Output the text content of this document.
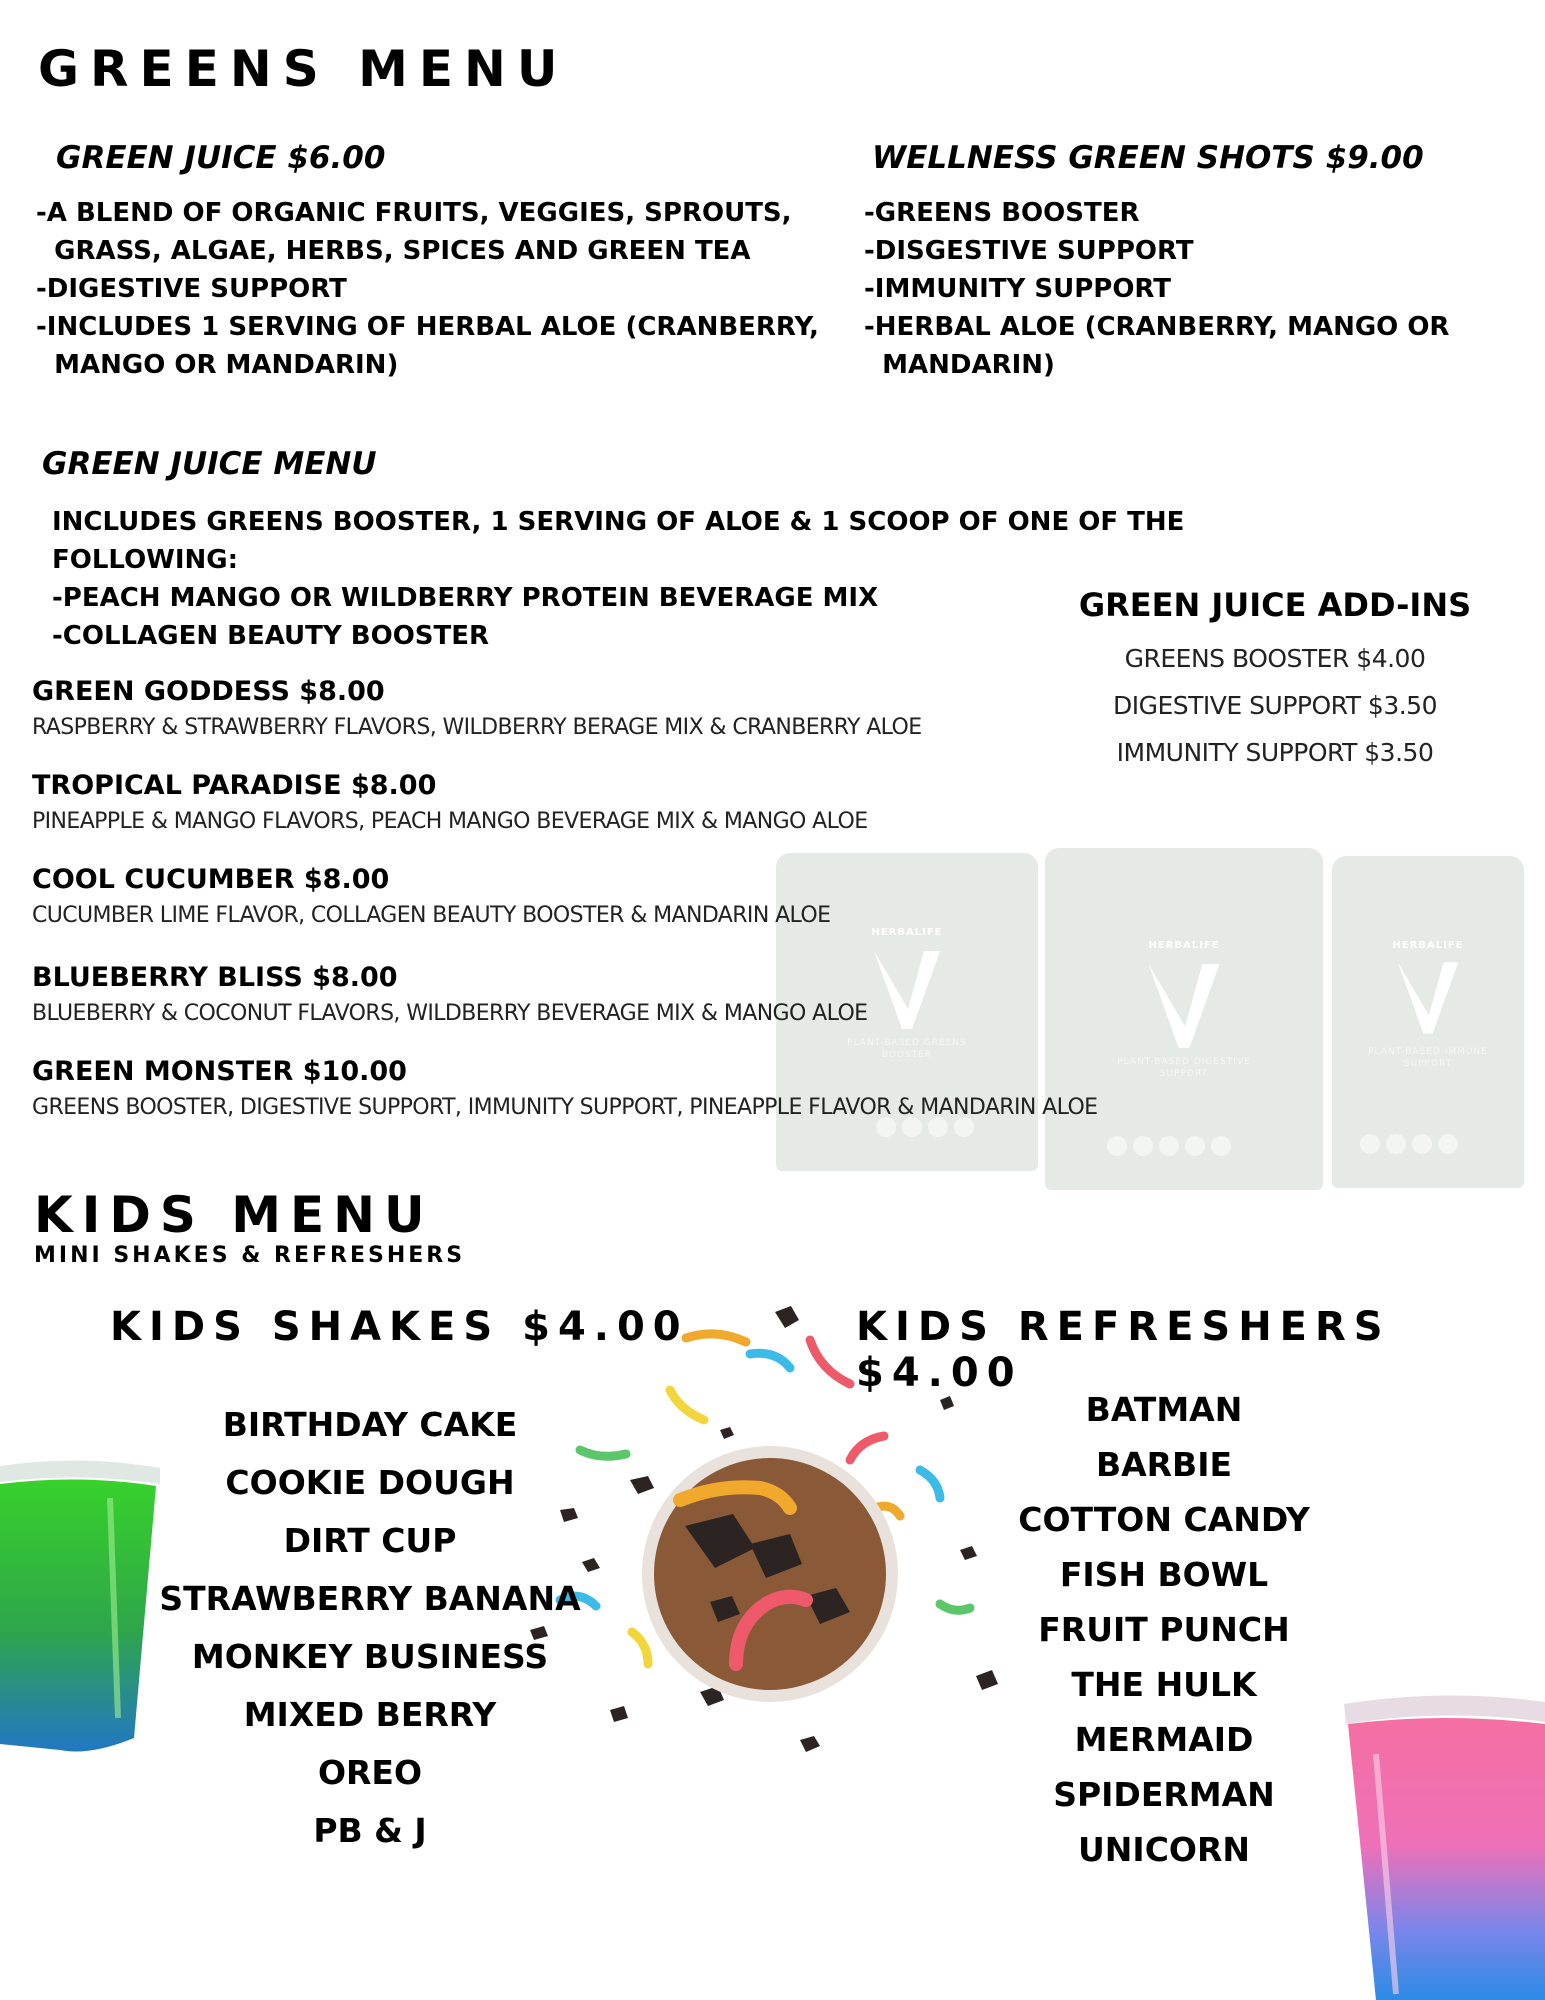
GREENS MENU
GREEN JUICE $6.00
-A BLEND OF ORGANIC FRUITS, VEGGIES, SPROUTS,
GRASS, ALGAE, HERBS, SPICES AND GREEN TEA
-DIGESTIVE SUPPORT
-INCLUDES 1 SERVING OF HERBAL ALOE (CRANBERRY,
MANGO OR MANDARIN)
WELLNESS GREEN SHOTS $9.00
-GREENS BOOSTER
-DISGESTIVE SUPPORT
-IMMUNITY SUPPORT
-HERBAL ALOE (CRANBERRY, MANGO OR
MANDARIN)
GREEN JUICE MENU
INCLUDES GREENS BOOSTER, 1 SERVING OF ALOE & 1 SCOOP OF ONE OF THE
FOLLOWING:
-PEACH MANGO OR WILDBERRY PROTEIN BEVERAGE MIX
-COLLAGEN BEAUTY BOOSTER
HERBALIFE
PLANT-BASED GREENS BOOSTER
HERBALIFE
PLANT-BASED DIGESTIVE SUPPORT
HERBALIFE
PLANT-BASED IMMUNE SUPPORT
GREEN GODDESS $8.00
RASPBERRY & STRAWBERRY FLAVORS, WILDBERRY BERAGE MIX & CRANBERRY ALOE
TROPICAL PARADISE $8.00
PINEAPPLE & MANGO FLAVORS, PEACH MANGO BEVERAGE MIX & MANGO ALOE
COOL CUCUMBER $8.00
CUCUMBER LIME FLAVOR, COLLAGEN BEAUTY BOOSTER & MANDARIN ALOE
BLUEBERRY BLISS $8.00
BLUEBERRY & COCONUT FLAVORS, WILDBERRY BEVERAGE MIX & MANGO ALOE
GREEN MONSTER $10.00
GREENS BOOSTER, DIGESTIVE SUPPORT, IMMUNITY SUPPORT, PINEAPPLE FLAVOR & MANDARIN ALOE
GREEN JUICE ADD-INS
GREENS BOOSTER $4.00
DIGESTIVE SUPPORT $3.50
IMMUNITY SUPPORT $3.50
KIDS MENU
MINI SHAKES & REFRESHERS
KIDS SHAKES $4.00
BIRTHDAY CAKE
COOKIE DOUGH
DIRT CUP
STRAWBERRY BANANA
MONKEY BUSINESS
MIXED BERRY
OREO
PB & J
KIDS REFRESHERS $4.00
BATMAN
BARBIE
COTTON CANDY
FISH BOWL
FRUIT PUNCH
THE HULK
MERMAID
SPIDERMAN
UNICORN
